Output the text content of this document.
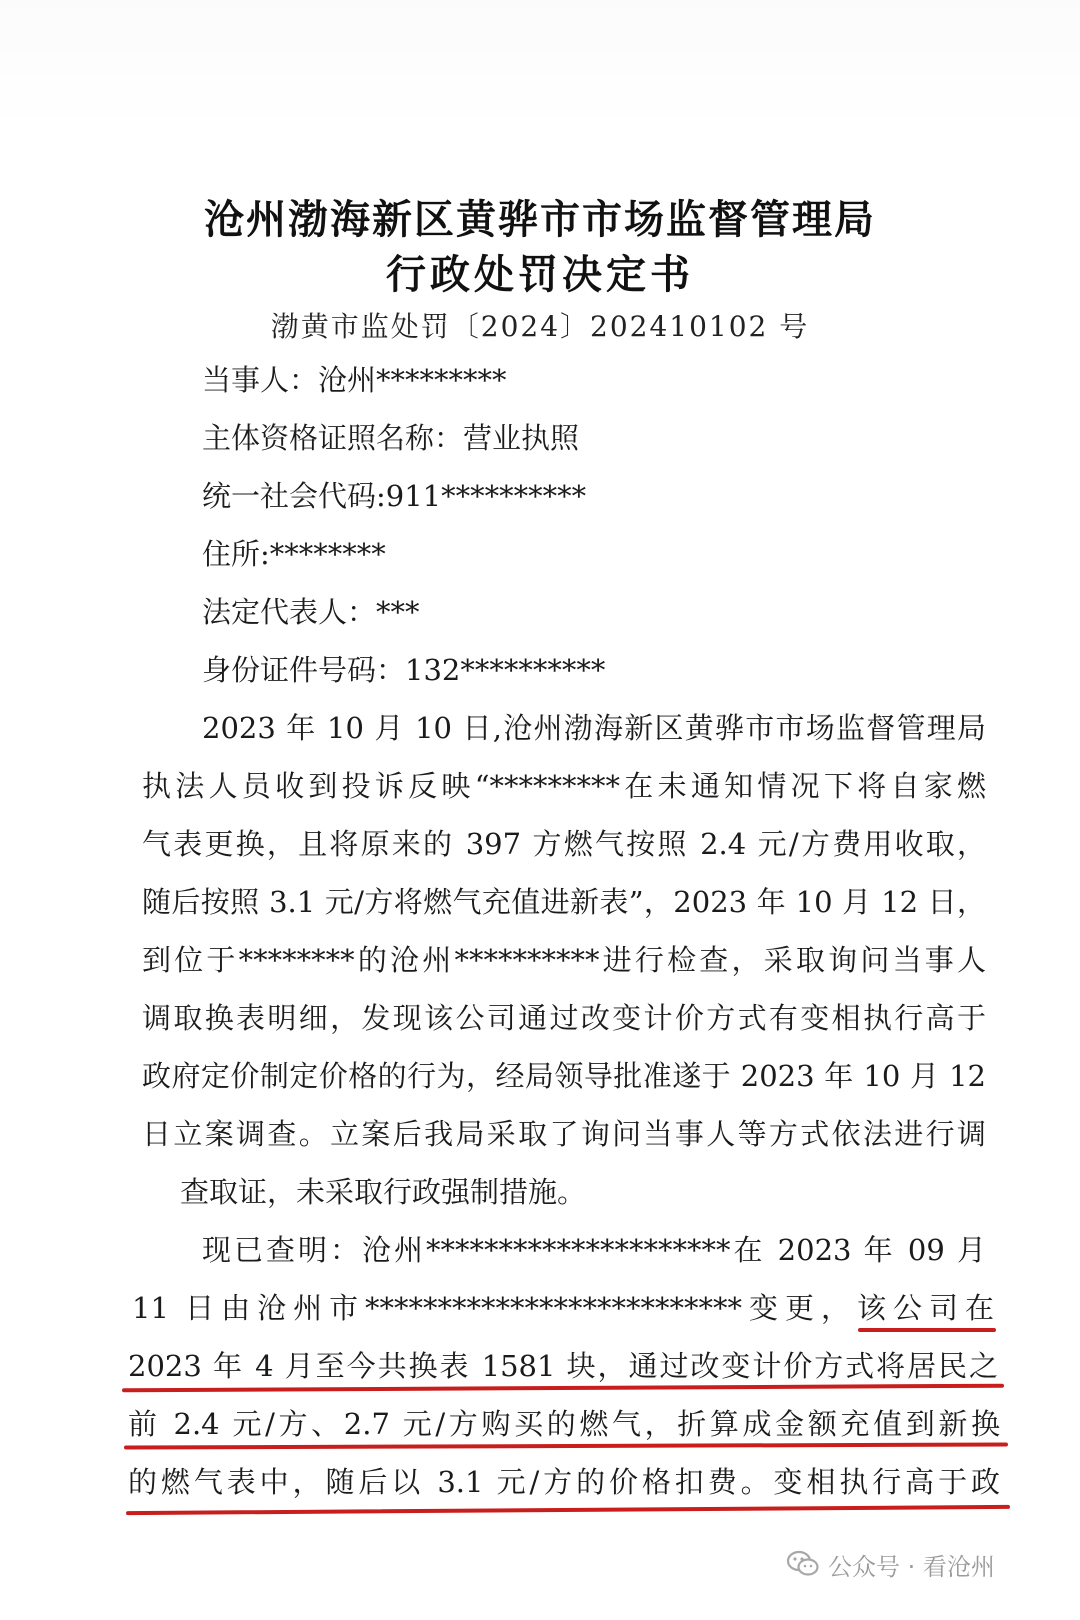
沧州渤海新区黄骅市市场监督管理局
行政处罚决定书
渤黄市监处罚〔2024〕202410102 号
当事人：沧州*********
主体资格证照名称：营业执照
统一社会代码:911**********
住所:********
法定代表人：***
身份证件号码：132**********
2023 年 10 月 10 日,沧州渤海新区黄骅市市场监督管理局
执法人员收到投诉反映“*********在未通知情况下将自家燃
气表更换，且将原来的 397 方燃气按照 2.4 元/方费用收取，
随后按照 3.1 元/方将燃气充值进新表”，2023 年 10 月 12 日，
到位于********的沧州**********进行检查，采取询问当事人
调取换表明细，发现该公司通过改变计价方式有变相执行高于
政府定价制定价格的行为，经局领导批准遂于 2023 年 10 月 12
日立案调查。立案后我局采取了询问当事人等方式依法进行调
查取证，未采取行政强制措施。
现已查明：沧州*********************在 2023 年 09 月
11 日由沧州市**************************变更，该公司在
2023 年 4 月至今共换表 1581 块，通过改变计价方式将居民之
前 2.4 元/方、2.7 元/方购买的燃气，折算成金额充值到新换
的燃气表中，随后以 3.1 元/方的价格扣费。变相执行高于政
公众号 · 看沧州
